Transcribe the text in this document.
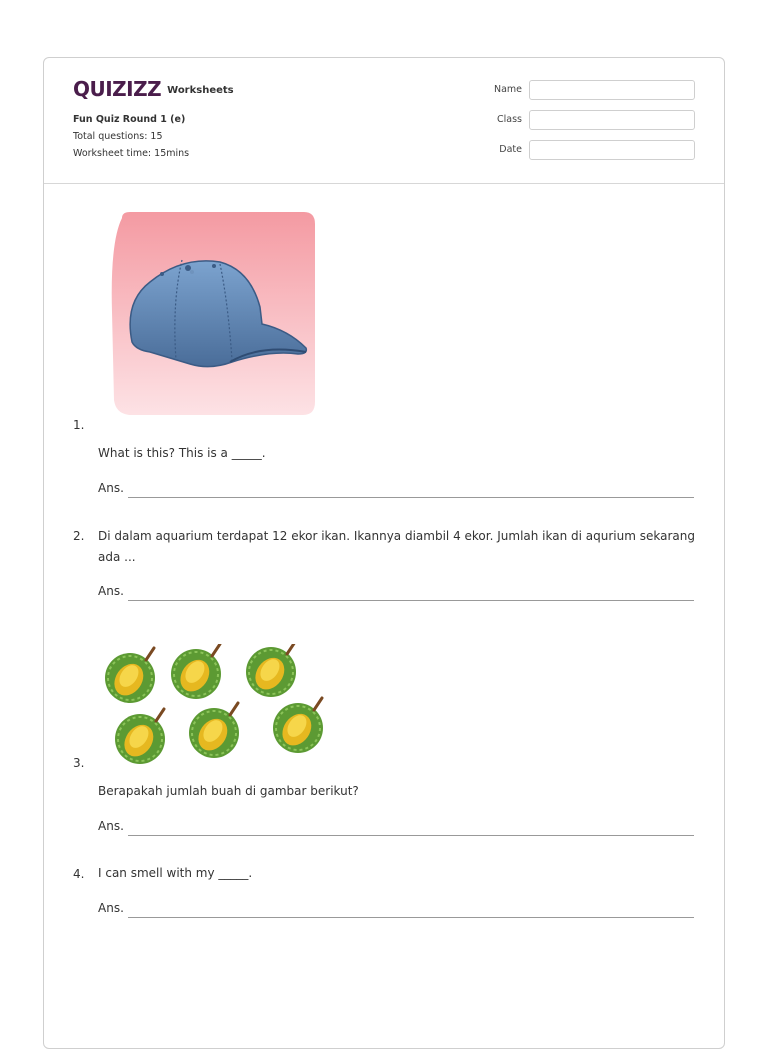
QUIZIZZ Worksheets
Fun Quiz Round 1 (e)
Total questions: 15
Worksheet time: 15mins
Name
Class
Date
1.
What is this? This is a _____.
Ans.
2. Di dalam aquarium terdapat 12 ekor ikan. Ikannya diambil 4 ekor. Jumlah ikan di aqurium sekarang
ada ...
Ans.
3.
Berapakah jumlah buah di gambar berikut?
Ans.
4. I can smell with my _____.
Ans.
